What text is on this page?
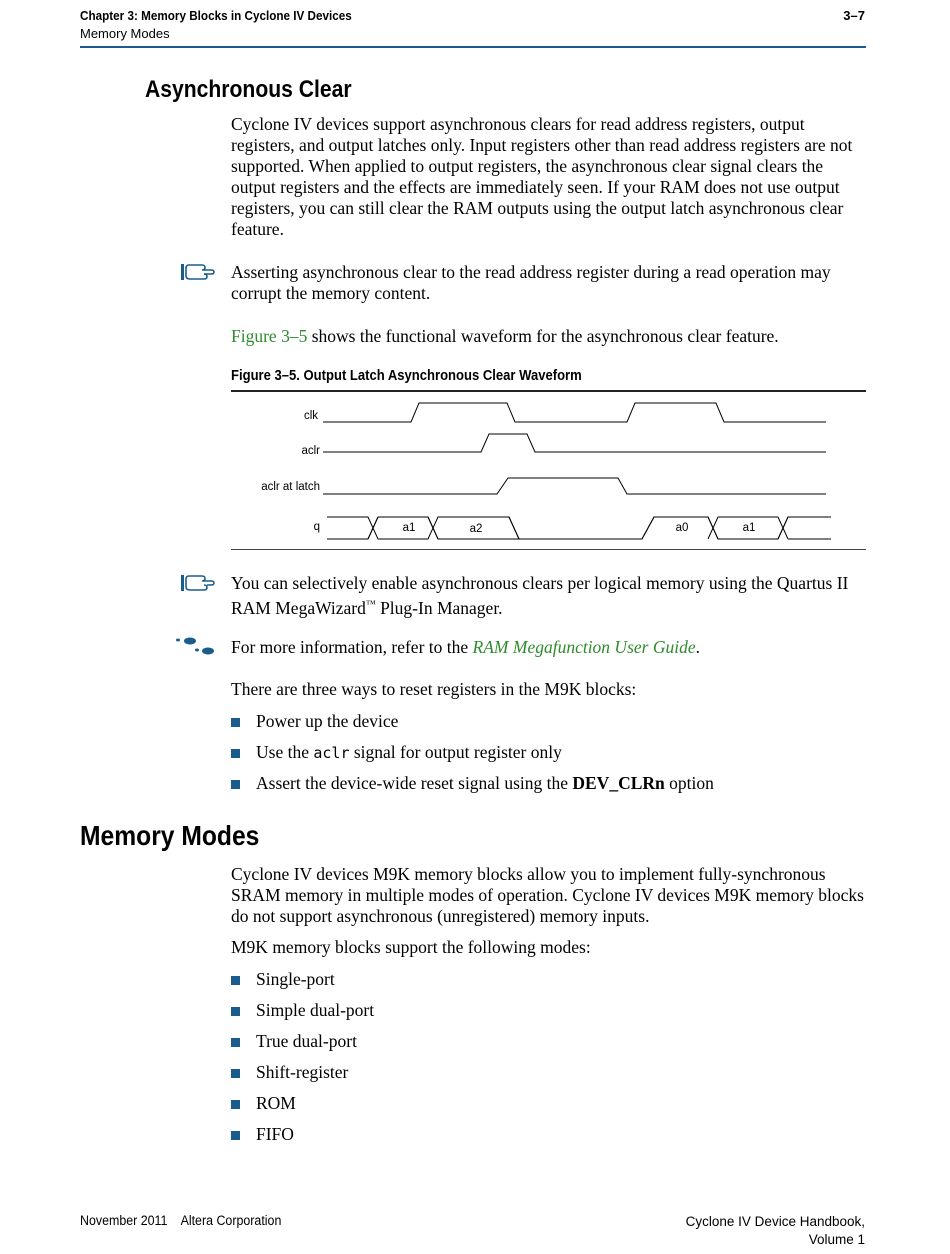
Chapter 3: Memory Blocks in Cyclone IV Devices
Memory Modes
3–7
Asynchronous Clear
Cyclone IV devices support asynchronous clears for read address registers, output registers, and output latches only. Input registers other than read address registers are not supported. When applied to output registers, the asynchronous clear signal clears the output registers and the effects are immediately seen. If your RAM does not use output registers, you can still clear the RAM outputs using the output latch asynchronous clear feature.
Asserting asynchronous clear to the read address register during a read operation may corrupt the memory content.
Figure 3–5 shows the functional waveform for the asynchronous clear feature.
Figure 3–5. Output Latch Asynchronous Clear Waveform
clk
aclr
aclr at latch
q	a1	a2	a0	a1
You can selectively enable asynchronous clears per logical memory using the Quartus II RAM MegaWizard™ Plug-In Manager.
For more information, refer to the RAM Megafunction User Guide.
There are three ways to reset registers in the M9K blocks:
Power up the device
Use the aclr signal for output register only
Assert the device-wide reset signal using the DEV_CLRn option
Memory Modes
Cyclone IV devices M9K memory blocks allow you to implement fully-synchronous SRAM memory in multiple modes of operation. Cyclone IV devices M9K memory blocks do not support asynchronous (unregistered) memory inputs.
M9K memory blocks support the following modes:
Single-port
Simple dual-port
True dual-port
Shift-register
ROM
FIFO
November 2011    Altera Corporation	Cyclone IV Device Handbook,
Volume 1
